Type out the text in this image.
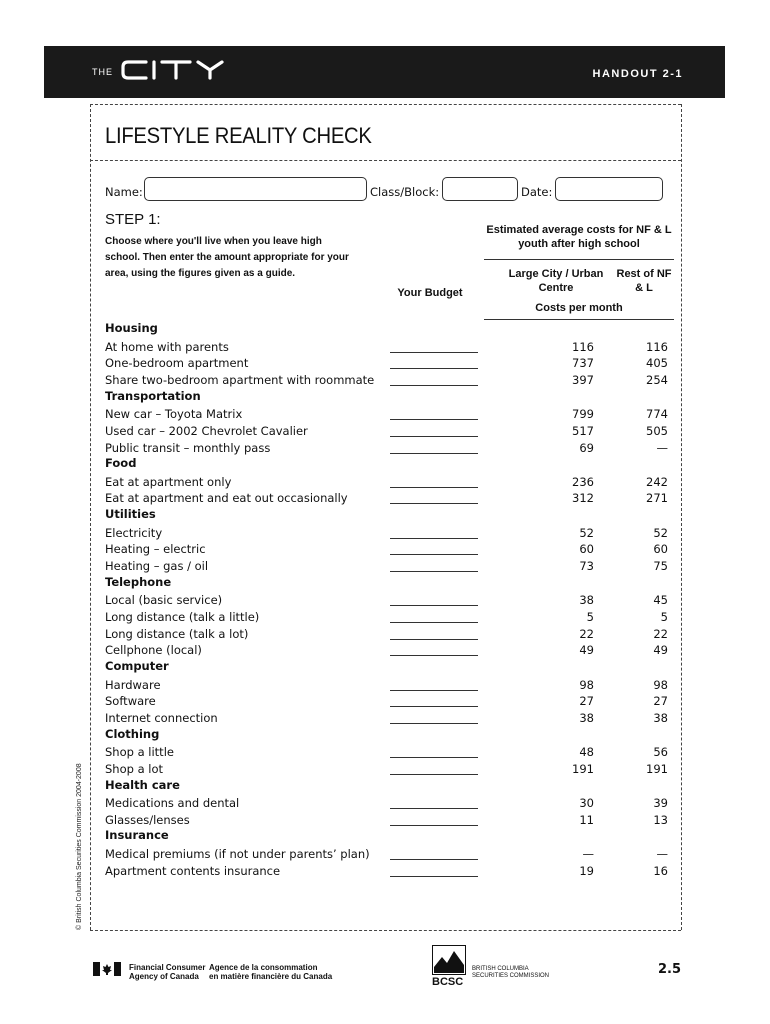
THE	HANDOUT 2-1
LIFESTYLE REALITY CHECK
Name:	Class/Block:	Date:
STEP 1:
Choose where you'll live when you leave high school. Then enter the amount appropriate for your area, using the figures given as a guide.
Estimated average costs for NF & L youth after high school
Large City / Urban Centre
Rest of NF & L
Your Budget
Costs per month
Housing
At home with parents	116	116
One-bedroom apartment	737	405
Share two-bedroom apartment with roommate	397	254
Transportation
New car – Toyota Matrix	799	774
Used car – 2002 Chevrolet Cavalier	517	505
Public transit – monthly pass	69	—
Food
Eat at apartment only	236	242
Eat at apartment and eat out occasionally	312	271
Utilities
Electricity	52	52
Heating – electric	60	60
Heating – gas / oil	73	75
Telephone
Local (basic service)	38	45
Long distance (talk a little)	5	5
Long distance (talk a lot)	22	22
Cellphone (local)	49	49
Computer
Hardware	98	98
Software	27	27
Internet connection	38	38
Clothing
Shop a little	48	56
Shop a lot	191	191
Health care
Medications and dental	30	39
Glasses/lenses	11	13
Insurance
Medical premiums (if not under parents’ plan)	—	—
Apartment contents insurance	19	16
© British Columbia Securities Commission 2004-2008
Financial Consumer
Agency of Canada
Agence de la consommation
en matière financière du Canada	BCSC
BRITISH COLUMBIA
SECURITIES COMMISSION	2.5
